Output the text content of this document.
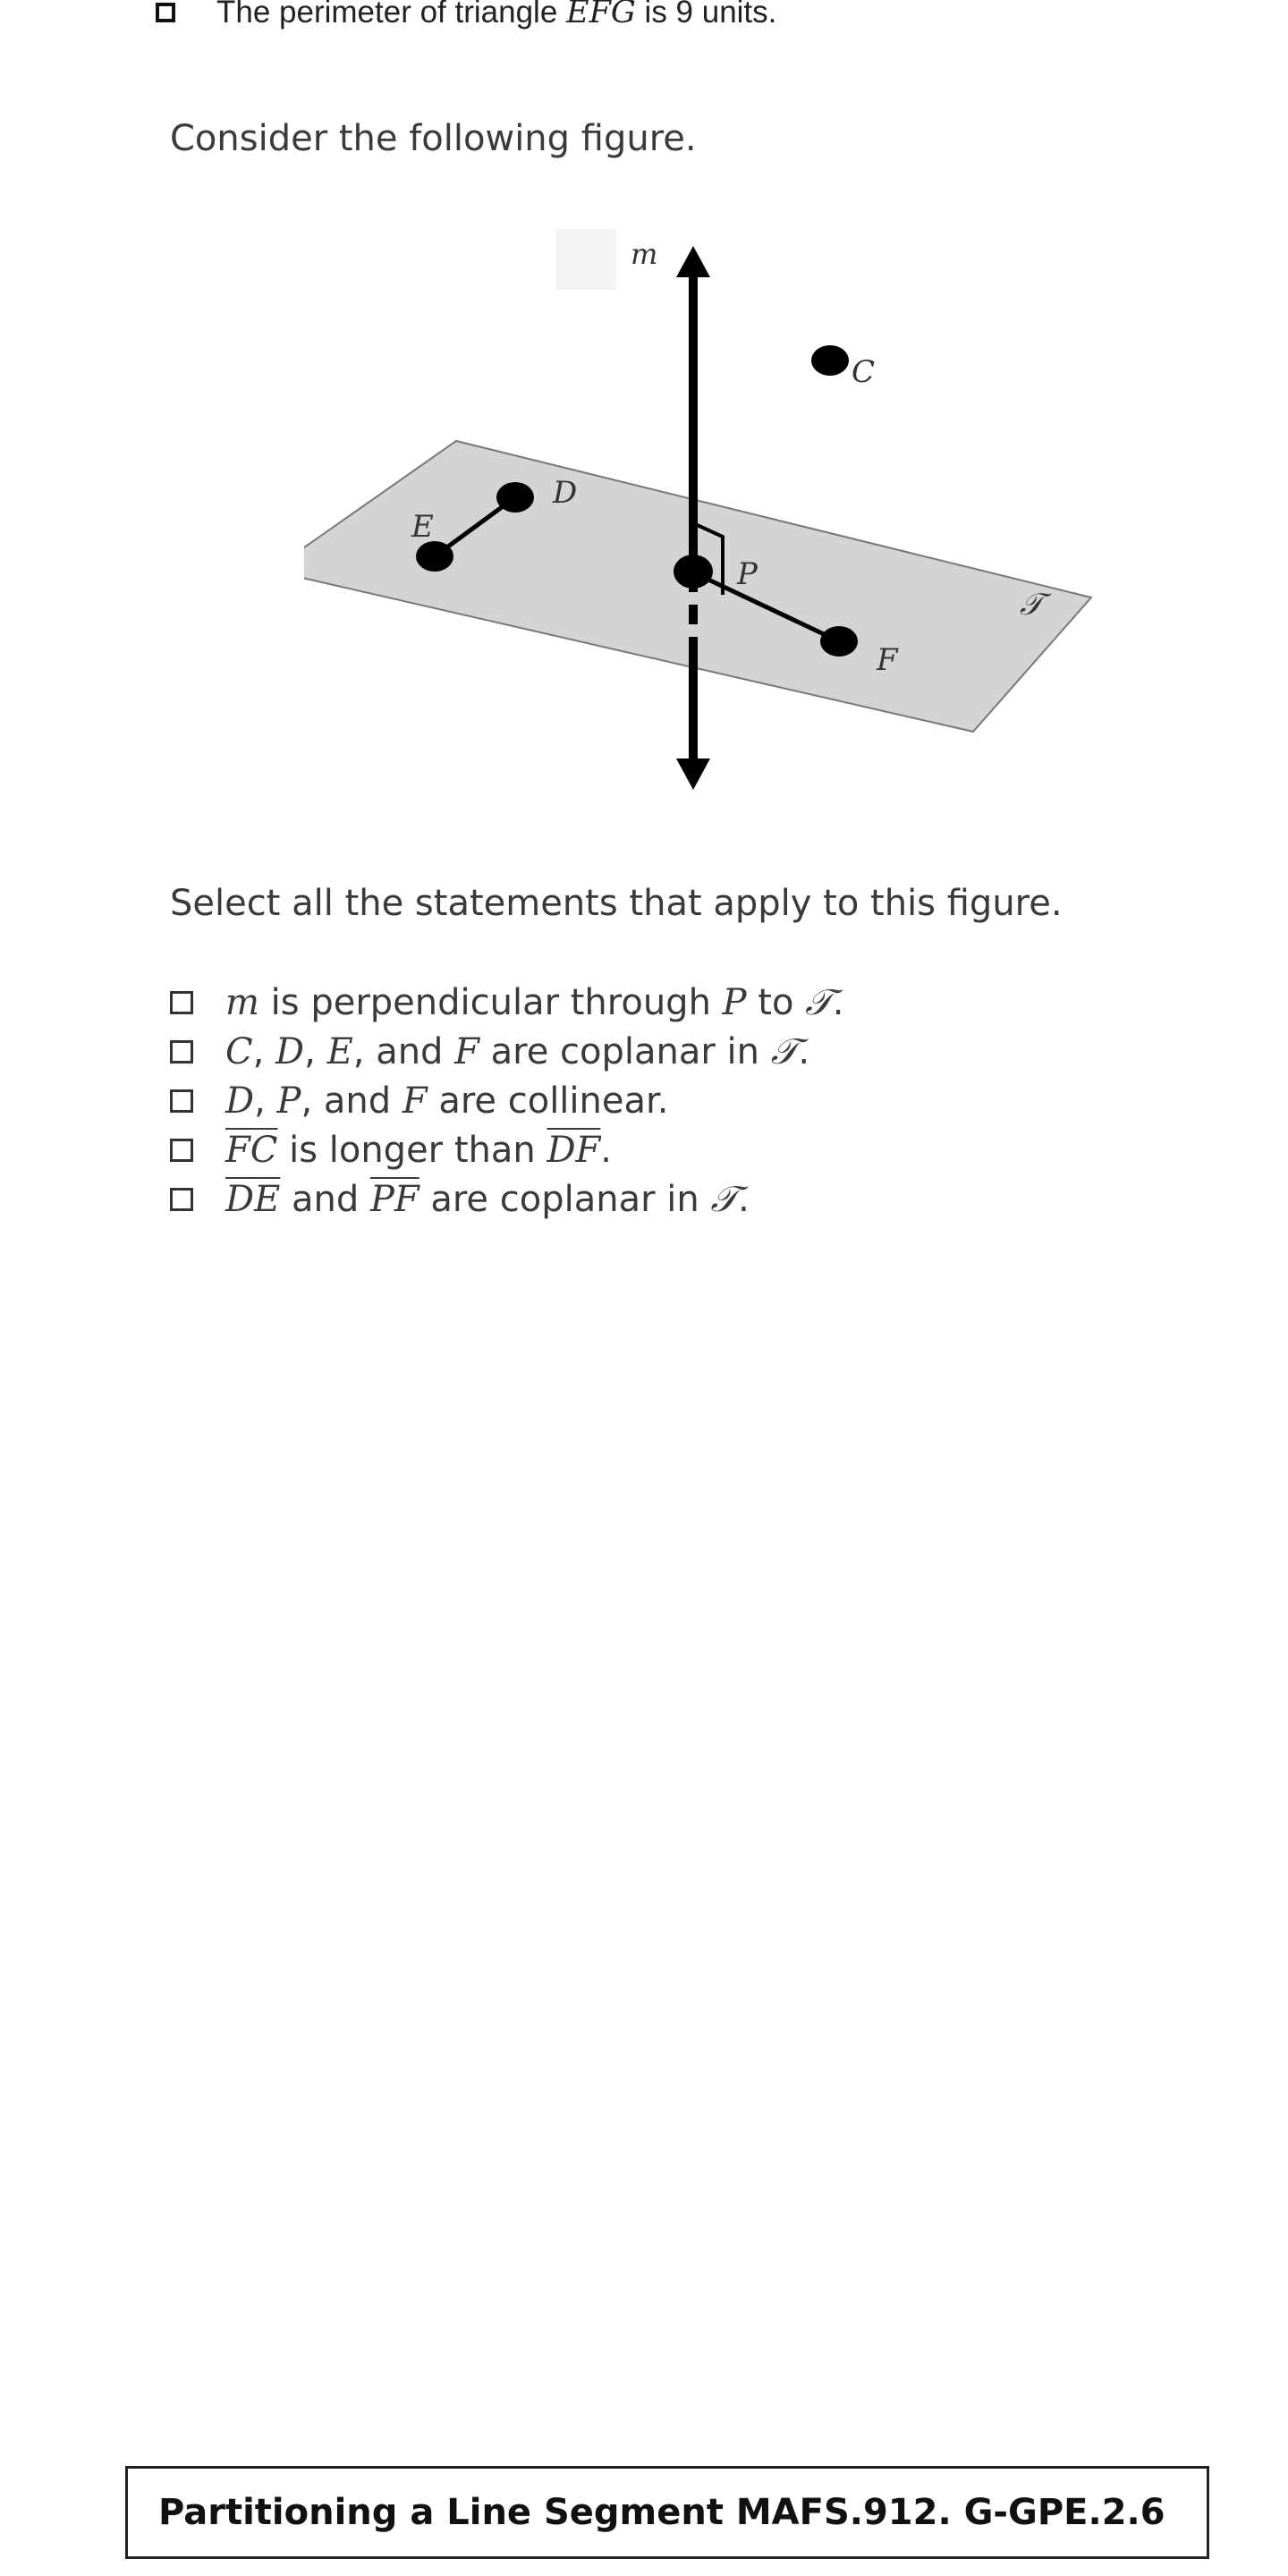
The perimeter of triangle EFG is 9 units.
Consider the following figure.
m
C
D
E
P
F
𝒯
Select all the statements that apply to this figure.
m is perpendicular through P to 𝒯.
C, D, E, and F are coplanar in 𝒯.
D, P, and F are collinear.
$\overline{FC}$ is longer than $\overline{DF}$.
$\overline{DE}$ and $\overline{PF}$ are coplanar in 𝒯.
Partitioning a Line Segment MAFS.912. G-GPE.2.6
